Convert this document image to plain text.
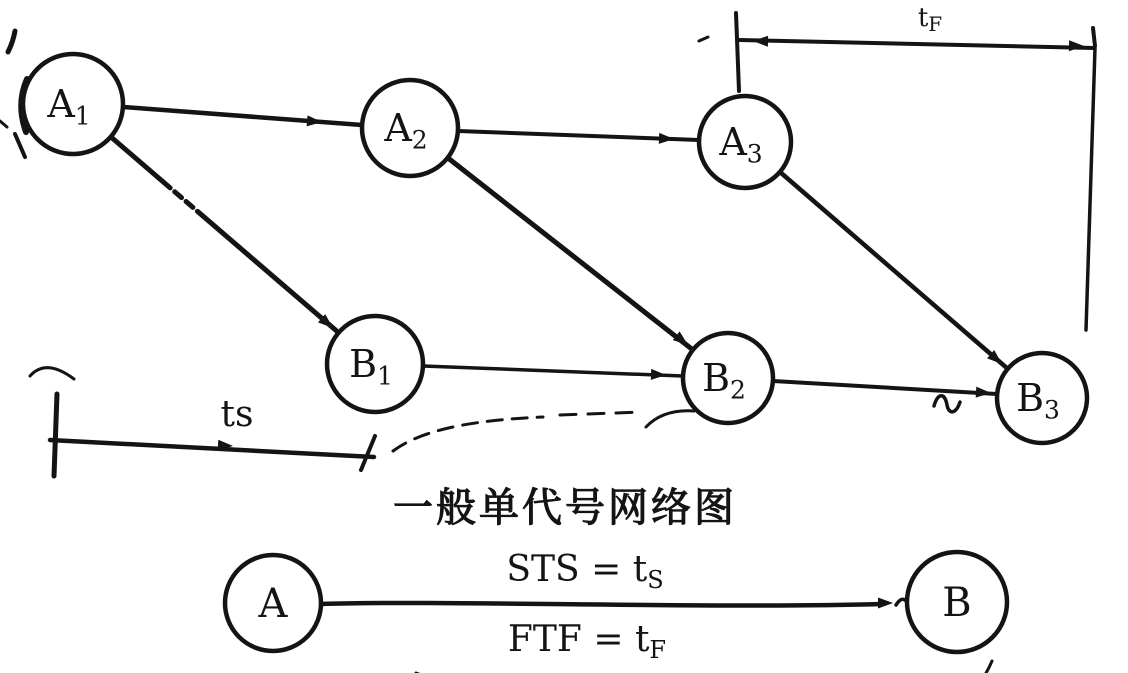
A1	A2	A3
B1	B2	B3
ts
$t_F$
A	B
STS = $t_S$
FTF = $t_F$
一般单代号网络图
